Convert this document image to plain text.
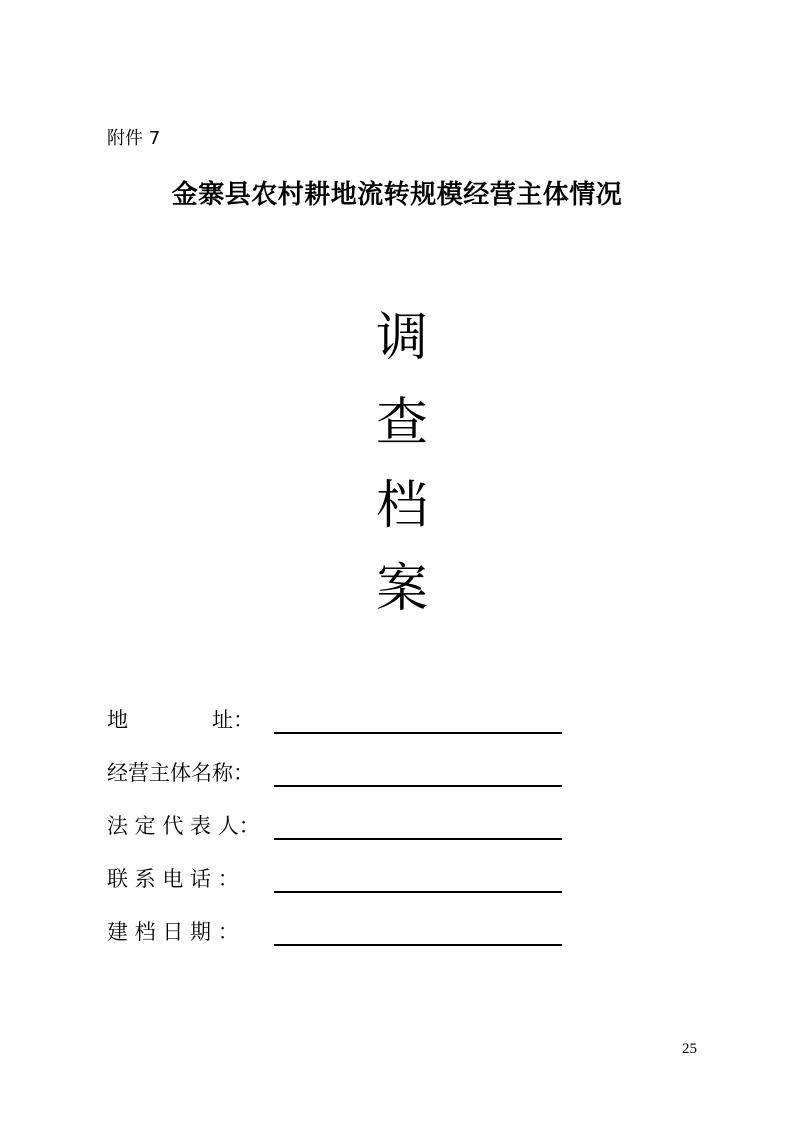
附件 7
金寨县农村耕地流转规模经营主体情况
调
查
档
案
地　　　　址：
经营主体名称：
法 定 代 表 人：
联 系 电 话 ：
建 档 日 期 ：
25
